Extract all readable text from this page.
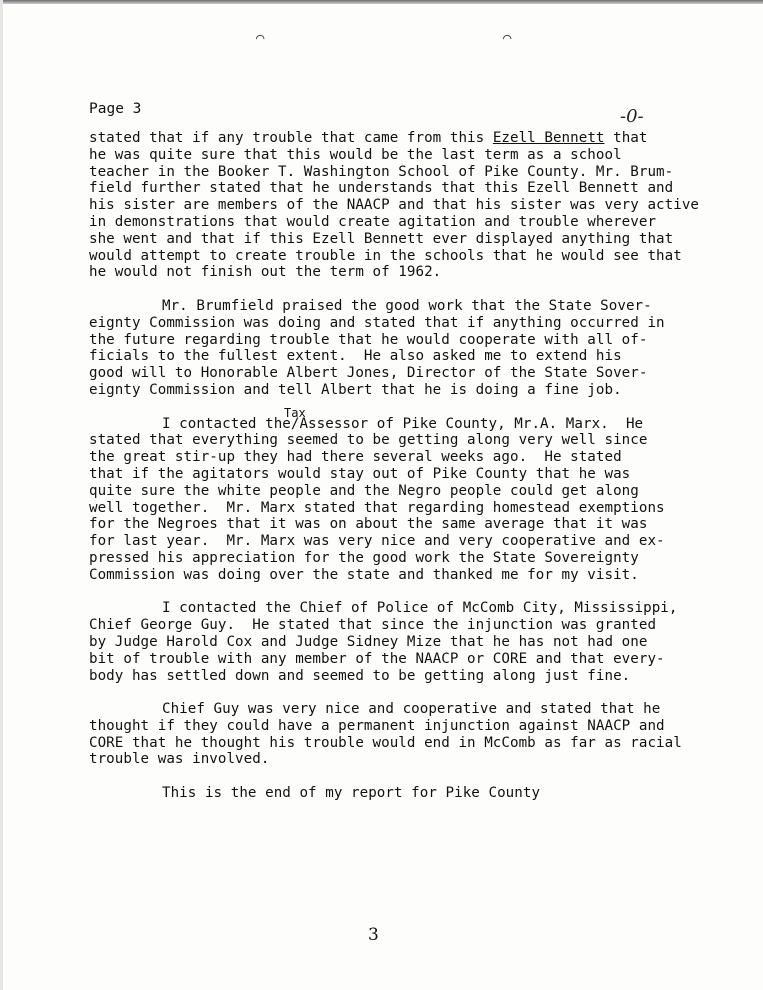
⌒	⌒
Page 3	-0-
stated that if any trouble that came from this Ezell Bennett that
he was quite sure that this would be the last term as a school
teacher in the Booker T. Washington School of Pike County. Mr. Brum-
field further stated that he understands that this Ezell Bennett and
his sister are members of the NAACP and that his sister was very active
in demonstrations that would create agitation and trouble wherever
she went and that if this Ezell Bennett ever displayed anything that
would attempt to create trouble in the schools that he would see that
he would not finish out the term of 1962.
Mr. Brumfield praised the good work that the State Sover-
eignty Commission was doing and stated that if anything occurred in
the future regarding trouble that he would cooperate with all of-
ficials to the fullest extent.  He also asked me to extend his
good will to Honorable Albert Jones, Director of the State Sover-
eignty Commission and tell Albert that he is doing a fine job.
Tax
I contacted the/Assessor of Pike County, Mr.A. Marx.  He
stated that everything seemed to be getting along very well since
the great stir-up they had there several weeks ago.  He stated
that if the agitators would stay out of Pike County that he was
quite sure the white people and the Negro people could get along
well together.  Mr. Marx stated that regarding homestead exemptions
for the Negroes that it was on about the same average that it was
for last year.  Mr. Marx was very nice and very cooperative and ex-
pressed his appreciation for the good work the State Sovereignty
Commission was doing over the state and thanked me for my visit.
I contacted the Chief of Police of McComb City, Mississippi,
Chief George Guy.  He stated that since the injunction was granted
by Judge Harold Cox and Judge Sidney Mize that he has not had one
bit of trouble with any member of the NAACP or CORE and that every-
body has settled down and seemed to be getting along just fine.
Chief Guy was very nice and cooperative and stated that he
thought if they could have a permanent injunction against NAACP and
CORE that he thought his trouble would end in McComb as far as racial
trouble was involved.
This is the end of my report for Pike County
3
